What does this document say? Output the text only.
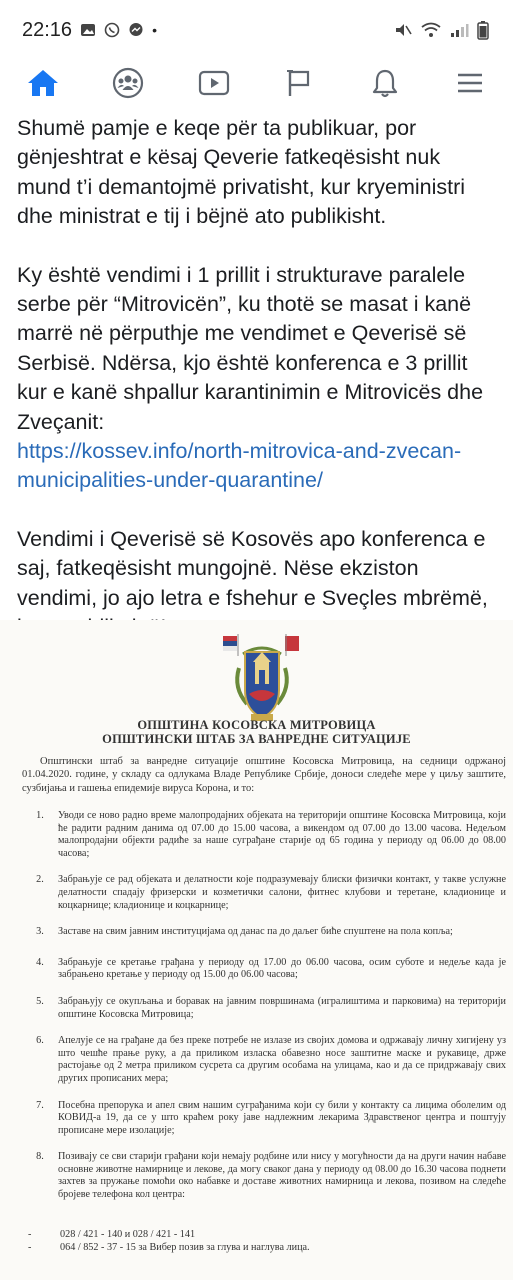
22:16	•

Shumë pamje e keqe për ta publikuar, por gënjeshtrat e kësaj Qeverie fatkeqësisht nuk mund t’i demantojmë privatisht, kur kryeministri dhe ministrat e tij i bëjnë ato publikisht.

Ky është vendimi i 1 prillit i strukturave paralele serbe për “Mitrovicën”, ku thotë se masat i kanë marrë në përputhje me vendimet e Qeverisë së Serbisë. Ndërsa, kjo është konferenca e 3 prillit kur e kanë shpallur karantinimin e Mitrovicës dhe Zveçanit:

https://kossev.info/north-mitrovica-and-zvecan-municipalities-under-quarantine/

Vendimi i Qeverisë së Kosovës apo konferenca e saj, fatkeqësisht mungojnë. Nëse ekziston vendimi, jo ajo letra e fshehur e Sveçles mbrëmë,

ОПШТИНА КОСОВСКА МИТРОВИЦА
ОПШТИНСКИ ШТАБ ЗА ВАНРЕДНЕ СИТУАЦИЈЕ
Општински штаб за ванредне ситуације општине Косовска Митровица, на седници одржаној 01.04.2020. године, у складу са одлукама Владе Републике Србије, доноси следеће мере у циљу заштите, сузбијања и гашења епидемије вируса Корона, и то:
1.	Уводи се ново радно време малопродајних објеката на територији општине Косовска Митровица, који ће радити радним данима од 07.00 до 15.00 часова, а викендом од 07.00 до 13.00 часова. Недељом малопродајни објекти радиће за наше суграђане старије од 65 година у периоду од 06.00 до 08.00 часова;
2.	Забрањује се рад објеката и делатности које подразумевају блиски физички контакт, у такве услужне делатности спадају фризерски и козметички салони, фитнес клубови и теретане, кладионице и коцкарнице; кладионице и коцкарнице;
3.	Заставе на свим јавним институцијама од данас па до даљег биће спуштене на пола копља;
4.	Забрањује се кретање грађана у периоду од 17.00 до 06.00 часова, осим суботе и недеље када је забрањено кретање у периоду од 15.00 до 06.00 часова;
5.	Забрањују се окупљања и боравак на јавним површинама (игралиштима и парковима) на територији општине Косовска Митровица;
6.	Апелује се на грађане да без преке потребе не излазе из својих домова и одржавају личну хигијену уз што чешће прање руку, а да приликом изласка обавезно носе заштитне маске и рукавице, држе растојање од 2 метра приликом сусрета са другим особама на улицама, као и да се придржавају свих других прописаних мера;
7.	Посебна препорука и апел свим нашим суграђанима који су били у контакту са лицима оболелим од КОВИД-а 19, да се у што краћем року јаве надлежним лекарима Здравственог центра и поштују прописане мере изолације;
8.	Позивају се сви старији грађани који немају родбине или нису у могућности да на други начин набаве основне животне намирнице и лекове, да могу сваког дана у периоду од 08.00 до 16.30 часова поднети захтев за пружање помоћи око набавке и доставе животних намирница и лекова, позивом на следеће бројеве телефона кол центра:
-	028 / 421 - 140 и 028 / 421 - 141
-	064 / 852 - 37 - 15 за Вибер позив за глува и наглува лица.
